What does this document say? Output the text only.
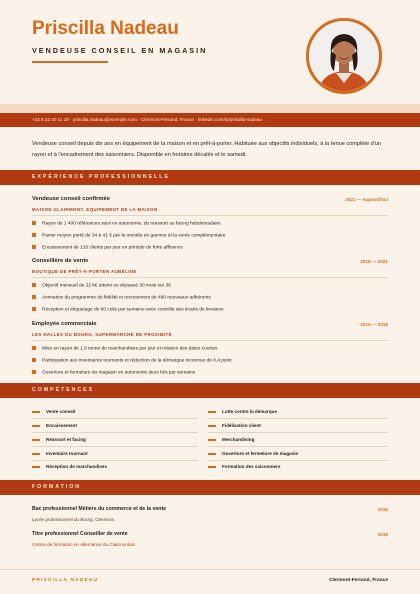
Priscilla Nadeau
VENDEUSE CONSEIL EN MAGASIN
+33 6 22 40 11 18 · priscilla.nadeau@exemple.com · Clermont-Ferrand, France · linkedin.com/in/priscilla-nadeau
Vendeuse conseil depuis dix ans en équipement de la maison et en prêt-à-porter. Habituée aux objectifs individuels, à la tenue complète d'un rayon et à l'encadrement des saisonniers. Disponible en horaires décalés et le samedi.
EXPÉRIENCE PROFESSIONNELLE
Vendeuse conseil confirmée	2021 — Aujourd'hui
MAISON CLAIRMONT, ÉQUIPEMENT DE LA MAISON
Rayon de 1 400 références suivi en autonomie, du réassort au facing hebdomadaire
Panier moyen porté de 34 à 41 € par la montée en gamme et la vente complémentaire
Encaissement de 120 clients par jour en période de forte affluence
Conseillère de vente	2018 — 2021
BOUTIQUE DE PRÊT-À-PORTER AUBÉLINE
Objectif mensuel de 22 k€ atteint ou dépassé 30 mois sur 36
Animation du programme de fidélité et recrutement de 480 nouveaux adhérents
Réception et étiquetage de 60 colis par semaine avec contrôle des écarts de livraison
Employée commerciale	2016 — 2018
LES HALLES DU BOURG, SUPERMARCHÉ DE PROXIMITÉ
Mise en rayon de 1,8 tonne de marchandises par jour et rotation des dates courtes
Participation aux inventaires tournants et réduction de la démarque inconnue de 0,4 point
Ouverture et fermeture du magasin en autonomie deux fois par semaine
COMPÉTENCES
Vente conseil
Encaissement
Réassort et facing
Inventaire tournant
Réception de marchandises
Lutte contre la démarque
Fidélisation client
Merchandising
Ouverture et fermeture de magasin
Formation des saisonniers
FORMATION
Bac professionnel Métiers du commerce et de la vente	2016
Lycée professionnel du Bourg, Clermont
Titre professionnel Conseiller de vente	2019
Centre de formation en alternance du Clairmontais
PRISCILLA NADEAU	Clermont-Ferrand, France
